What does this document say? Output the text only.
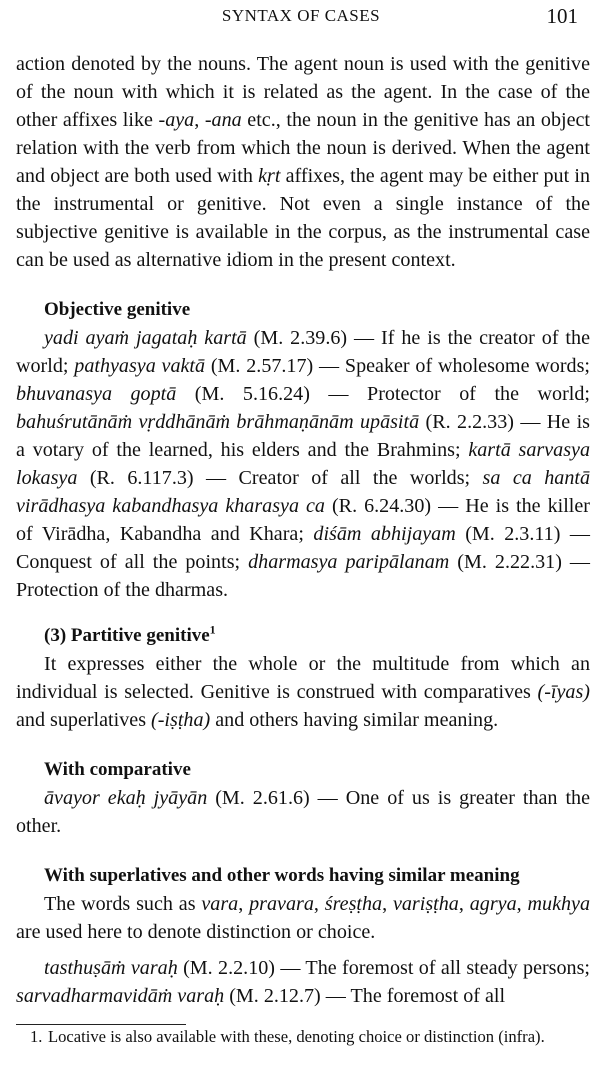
SYNTAX OF CASES	101

action denoted by the nouns. The agent noun is used with the genitive of the noun with which it is related as the agent. In the case of the other affixes like -aya, -ana etc., the noun in the genitive has an object relation with the verb from which the noun is derived. When the agent and object are both used with kṛt affixes, the agent may be either put in the instrumental or genitive. Not even a single instance of the subjective genitive is available in the corpus, as the instrumental case can be used as alternative idiom in the present context.

Objective genitive

yadi ayaṁ jagataḥ kartā (M. 2.39.6) — If he is the creator of the world; pathyasya vaktā (M. 2.57.17) — Speaker of wholesome words; bhuvanasya goptā (M. 5.16.24) — Protector of the world; bahuśrutānāṁ vṛddhānāṁ brāhmaṇānām upāsitā (R. 2.2.33) — He is a votary of the learned, his elders and the Brahmins; kartā sarvasya lokasya (R. 6.117.3) — Creator of all the worlds; sa ca hantā virādhasya kabandhasya kharasya ca (R. 6.24.30) — He is the killer of Virādha, Kabandha and Khara; diśām abhijayam (M. 2.3.11) — Conquest of all the points; dharmasya paripālanam (M. 2.22.31) — Protection of the dharmas.

(3) Partitive genitive$^1$

It expresses either the whole or the multitude from which an individual is selected. Genitive is construed with comparatives (-īyas) and superlatives (-iṣṭha) and others having similar meaning.

With comparative

āvayor ekaḥ jyāyān (M. 2.61.6) — One of us is greater than the other.

With superlatives and other words having similar meaning

The words such as vara, pravara, śreṣṭha, variṣṭha, agrya, mukhya are used here to denote distinction or choice.

tasthuṣāṁ varaḥ (M. 2.2.10) — The foremost of all steady persons; sarvadharmavidāṁ varaḥ (M. 2.12.7) — The foremost of all

1. Locative is also available with these, denoting choice or distinction (infra).
